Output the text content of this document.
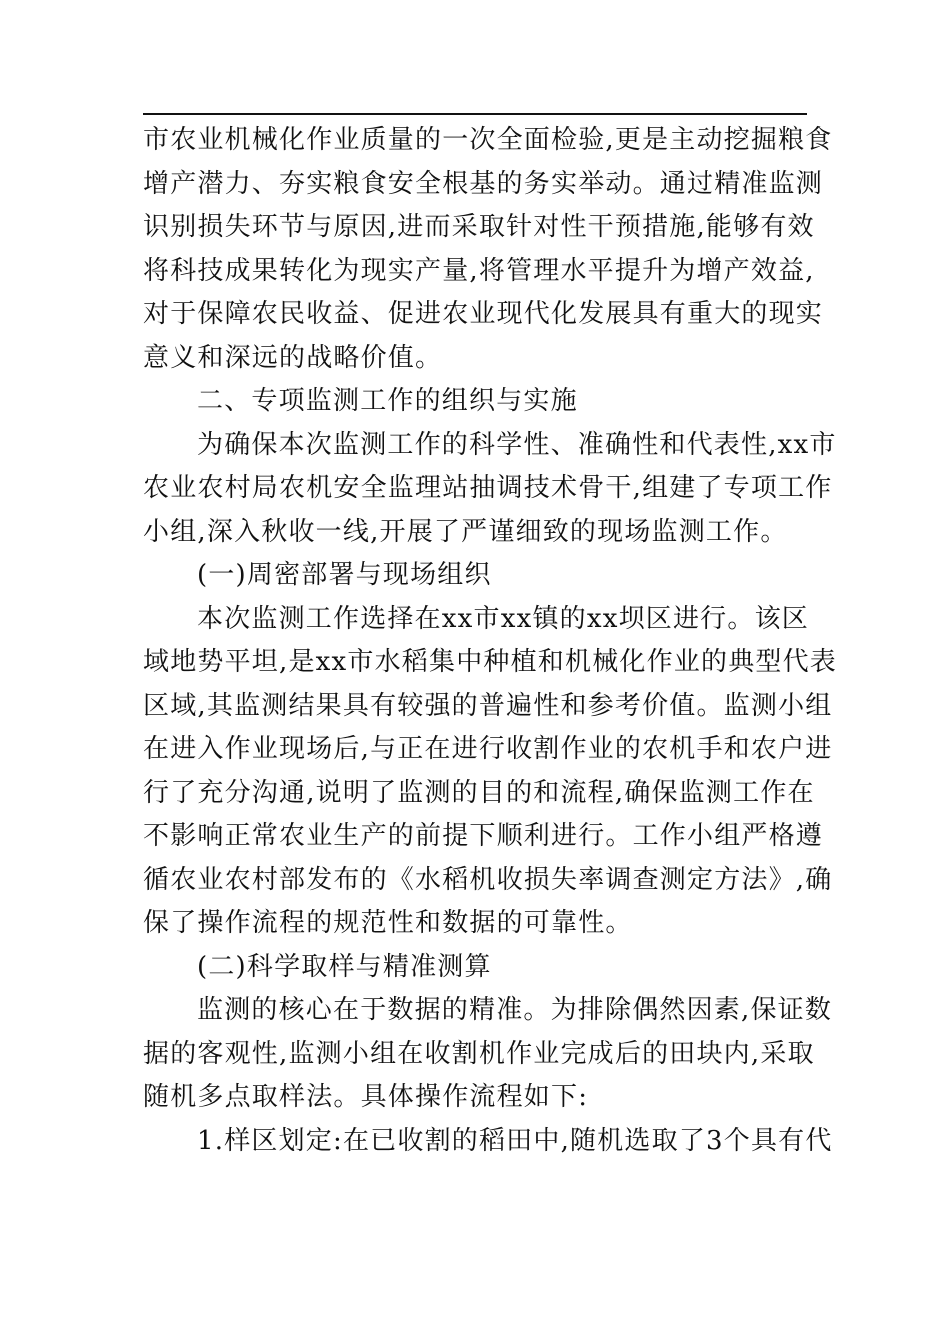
市农业机械化作业质量的一次全面检验,更是主动挖掘粮食
增产潜力、夯实粮食安全根基的务实举动。通过精准监测
识别损失环节与原因,进而采取针对性干预措施,能够有效
将科技成果转化为现实产量,将管理水平提升为增产效益,
对于保障农民收益、促进农业现代化发展具有重大的现实
意义和深远的战略价值。
二、专项监测工作的组织与实施
为确保本次监测工作的科学性、准确性和代表性,xx市
农业农村局农机安全监理站抽调技术骨干,组建了专项工作
小组,深入秋收一线,开展了严谨细致的现场监测工作。
(一)周密部署与现场组织
本次监测工作选择在xx市xx镇的xx坝区进行。该区
域地势平坦,是xx市水稻集中种植和机械化作业的典型代表
区域,其监测结果具有较强的普遍性和参考价值。监测小组
在进入作业现场后,与正在进行收割作业的农机手和农户进
行了充分沟通,说明了监测的目的和流程,确保监测工作在
不影响正常农业生产的前提下顺利进行。工作小组严格遵
循农业农村部发布的《水稻机收损失率调查测定方法》,确
保了操作流程的规范性和数据的可靠性。
(二)科学取样与精准测算
监测的核心在于数据的精准。为排除偶然因素,保证数
据的客观性,监测小组在收割机作业完成后的田块内,采取
随机多点取样法。具体操作流程如下:
1.样区划定:在已收割的稻田中,随机选取了3个具有代
